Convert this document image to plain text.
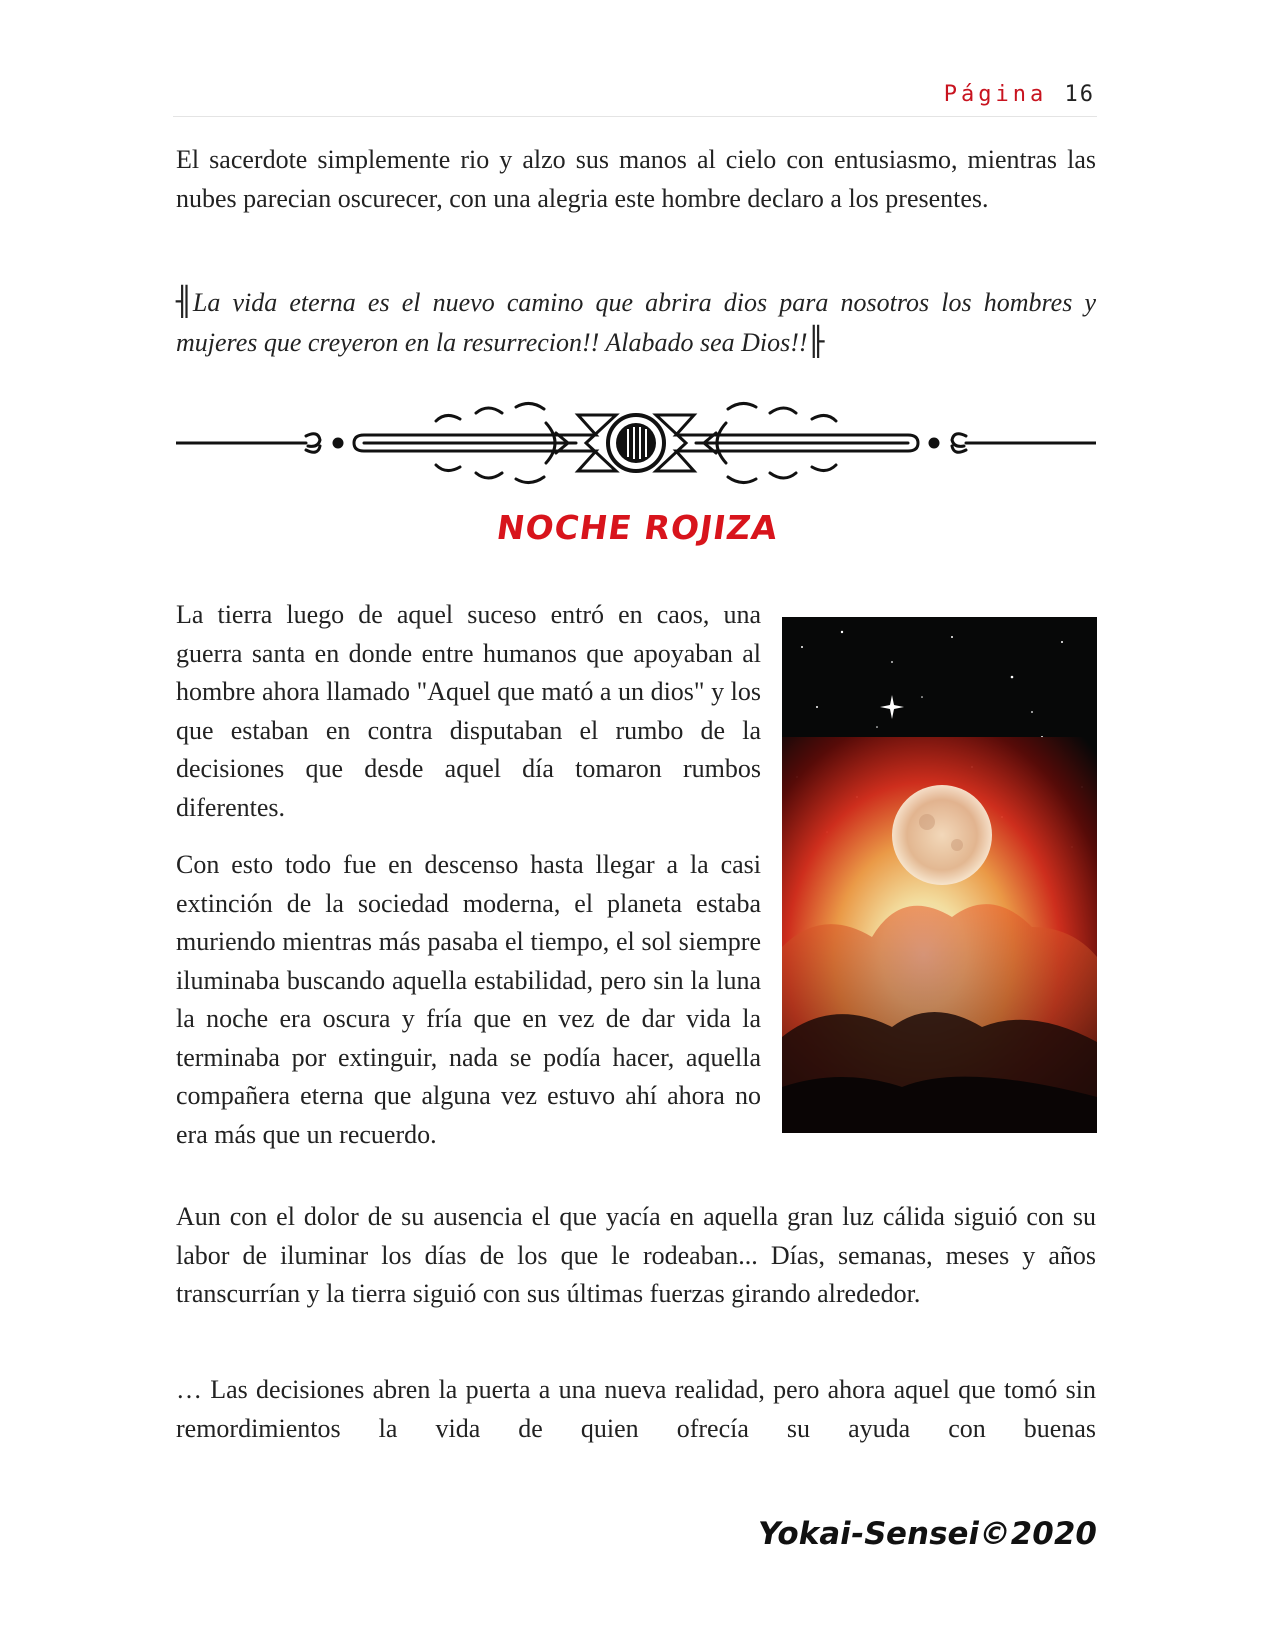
Página 16

El sacerdote simplemente rio y alzo sus manos al cielo con entusiasmo, mientras las nubes parecian oscurecer, con una alegria este hombre declaro a los presentes.

╢La vida eterna es el nuevo camino que abrira dios para nosotros los hombres y mujeres que creyeron en la resurrecion!! Alabado sea Dios!!╟

NOCHE ROJIZA

La tierra luego de aquel suceso entró en caos, una guerra santa en donde entre humanos que apoyaban al hombre ahora llamado "Aquel que mató a un dios" y los que estaban en contra disputaban el rumbo de la decisiones que desde aquel día tomaron rumbos diferentes.

Con esto todo fue en descenso hasta llegar a la casi extinción de la sociedad moderna, el planeta estaba muriendo mientras más pasaba el tiempo, el sol siempre iluminaba buscando aquella estabilidad, pero sin la luna la noche era oscura y fría que en vez de dar vida la terminaba por extinguir, nada se podía hacer, aquella compañera eterna que alguna vez estuvo ahí ahora no era más que un recuerdo.

Aun con el dolor de su ausencia el que yacía en aquella gran luz cálida siguió con su labor de iluminar los días de los que le rodeaban... Días, semanas, meses y años transcurrían y la tierra siguió con sus últimas fuerzas girando alrededor.

… Las decisiones abren la puerta a una nueva realidad, pero ahora aquel que tomó sin remordimientos la vida de quien ofrecía su ayuda con buenas

Yokai-Sensei©2020
